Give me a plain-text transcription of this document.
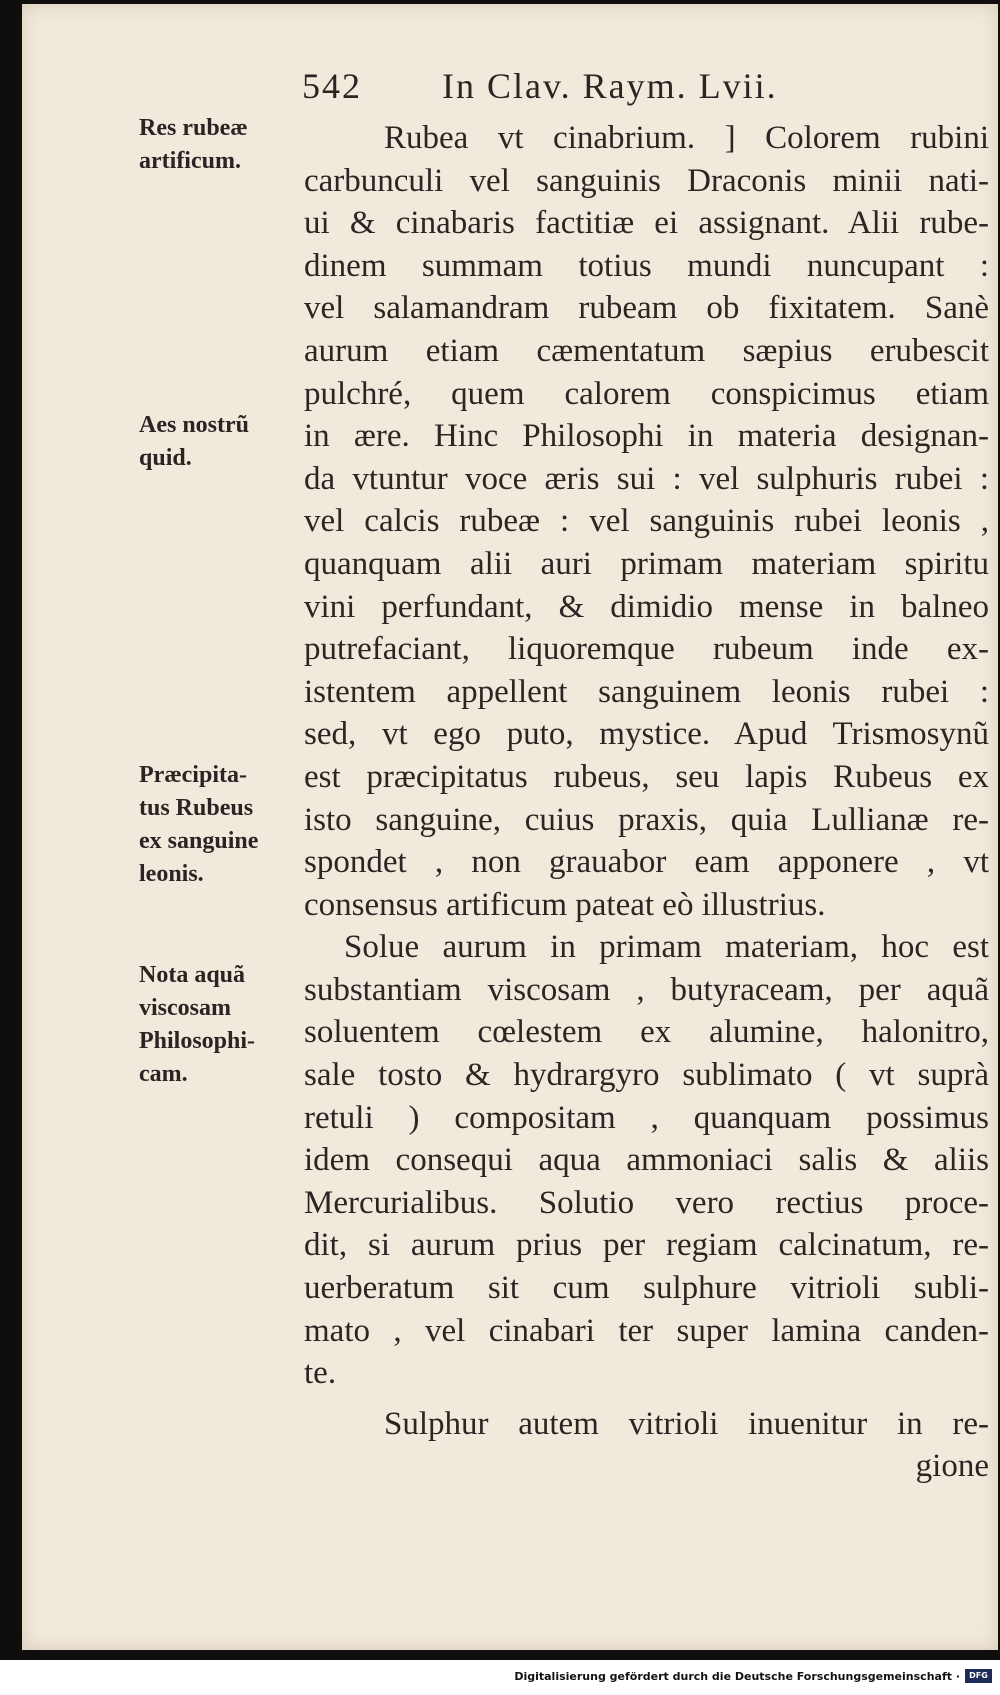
542 In Clav. Raym. Lvii.
Res rubeæ
artificum.
Aes nostrũ
quid.
Præcipita-
tus Rubeus
ex sanguine
leonis.
Nota aquã
viscosam
Philosophi-
cam.
Rubea vt cinabrium. ] Colorem rubini
carbunculi vel sanguinis Draconis minii nati-
ui & cinabaris factitiæ ei assignant. Alii rube-
dinem summam totius mundi nuncupant :
vel salamandram rubeam ob fixitatem. Sanè
aurum etiam cæmentatum sæpius erubescit
pulchré, quem calorem conspicimus etiam
in ære. Hinc Philosophi in materia designan-
da vtuntur voce æris sui : vel sulphuris rubei :
vel calcis rubeæ : vel sanguinis rubei leonis ,
quanquam alii auri primam materiam spiritu
vini perfundant, & dimidio mense in balneo
putrefaciant, liquoremque rubeum inde ex-
istentem appellent sanguinem leonis rubei :
sed, vt ego puto, mystice. Apud Trismosynũ
est præcipitatus rubeus, seu lapis Rubeus ex
isto sanguine, cuius praxis, quia Lullianæ re-
spondet , non grauabor eam apponere , vt
consensus artificum pateat eò illustrius.
Solue aurum in primam materiam, hoc est
substantiam viscosam , butyraceam, per aquã
soluentem cœlestem ex alumine, halonitro,
sale tosto & hydrargyro sublimato ( vt suprà
retuli ) compositam , quanquam possimus
idem consequi aqua ammoniaci salis & aliis
Mercurialibus. Solutio vero rectius proce-
dit, si aurum prius per regiam calcinatum, re-
uerberatum sit cum sulphure vitrioli subli-
mato , vel cinabari ter super lamina canden-
te.
Sulphur autem vitrioli inuenitur in re-
gione
Digitalisierung gefördert durch die Deutsche Forschungsgemeinschaft ·	DFG
